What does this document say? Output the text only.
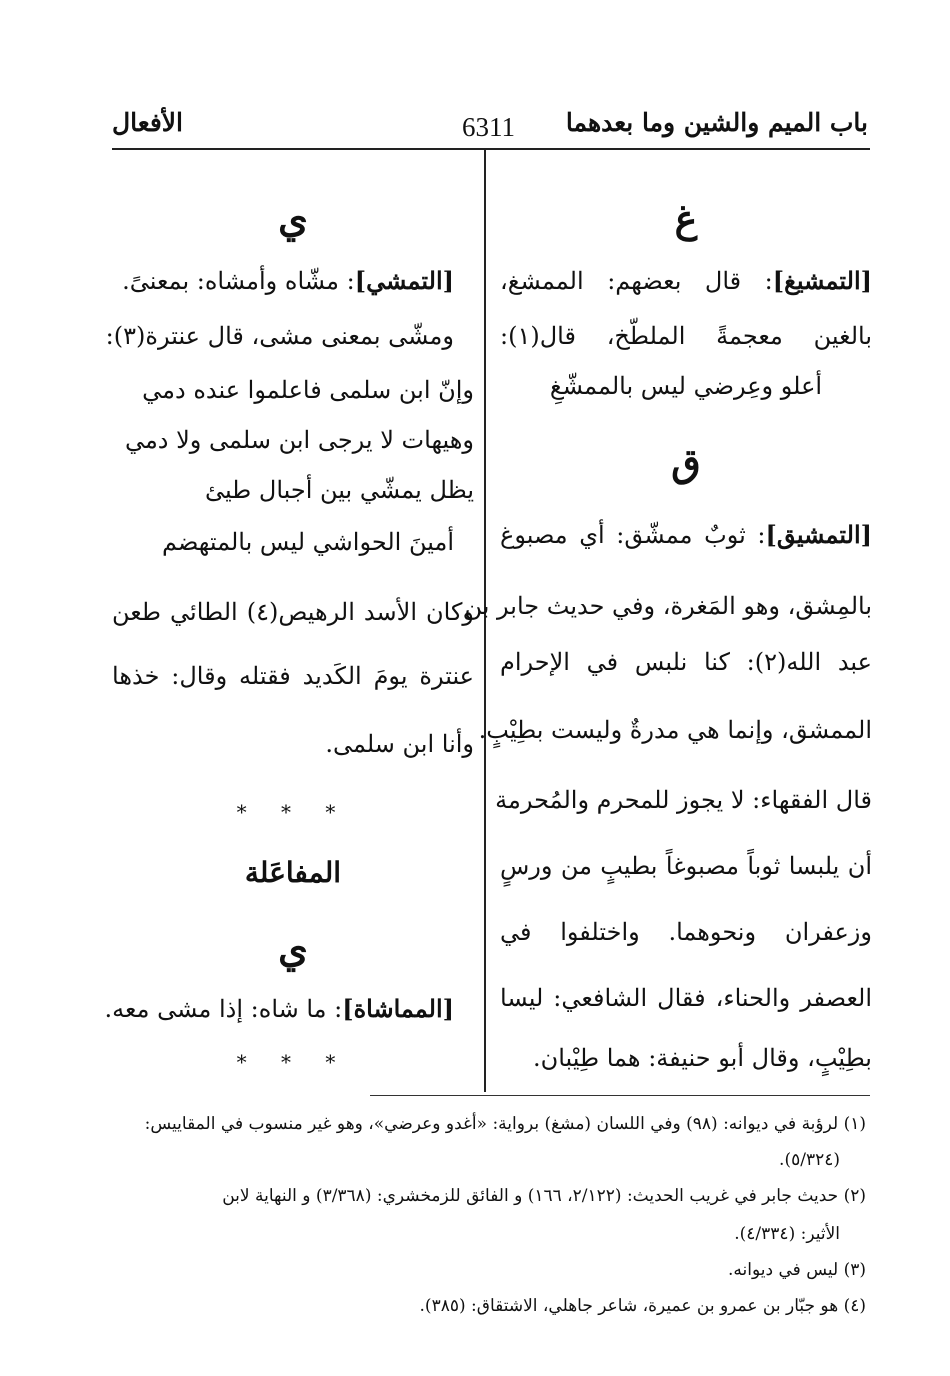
باب الميم والشين وما بعدهما
6311
الأفعال
غ
[التمشيغ]: قال بعضهم: الممشغ،
بالغين معجمةً الملطّخ، قال(١):
أعلو وعِرضي ليس بالممشّغِ
ق
[التمشيق]: ثوبٌ ممشّق: أي مصبوغ
بالمِشق، وهو المَغرة، وفي حديث جابر بن
عبد الله(٢): كنا نلبس في الإحرام
الممشق، وإنما هي مدرةٌ وليست بطِيْبٍ.
قال الفقهاء: لا يجوز للمحرم والمُحرمة
أن يلبسا ثوباً مصبوغاً بطيبٍ من ورسٍ
وزعفران ونحوهما. واختلفوا في
العصفر والحناء، فقال الشافعي: ليسا
بطِيْبٍ، وقال أبو حنيفة: هما طِيْبان.
ي
[التمشي]: مشّاه وأمشاه: بمعنىً.
ومشّى بمعنى مشى، قال عنترة(٣):
وإنّ ابن سلمى فاعلموا عنده دمي
وهيهات لا يرجى ابن سلمى ولا دمي
يظل يمشّي بين أجبال طيئ
أمينَ الحواشي ليس بالمتهضم
وكان الأسد الرهيص(٤) الطائي طعن
عنترة يومَ الكَديد فقتله وقال: خذها
وأنا ابن سلمى.
* * *
المفاعَلة
ي
[المماشاة]: ما شاه: إذا مشى معه.
* * *
(١) لرؤبة في ديوانه: (٩٨) وفي اللسان (مشغ) برواية: «أغدو وعرضي»، وهو غير منسوب في المقاييس:
(٥/٣٢٤).
(٢) حديث جابر في غريب الحديث: (٢/١٢٢، ١٦٦) و الفائق للزمخشري: (٣/٣٦٨) و النهاية لابن
الأثير: (٤/٣٣٤).
(٣) ليس في ديوانه.
(٤) هو جبّار بن عمرو بن عميرة، شاعر جاهلي، الاشتقاق: (٣٨٥).
